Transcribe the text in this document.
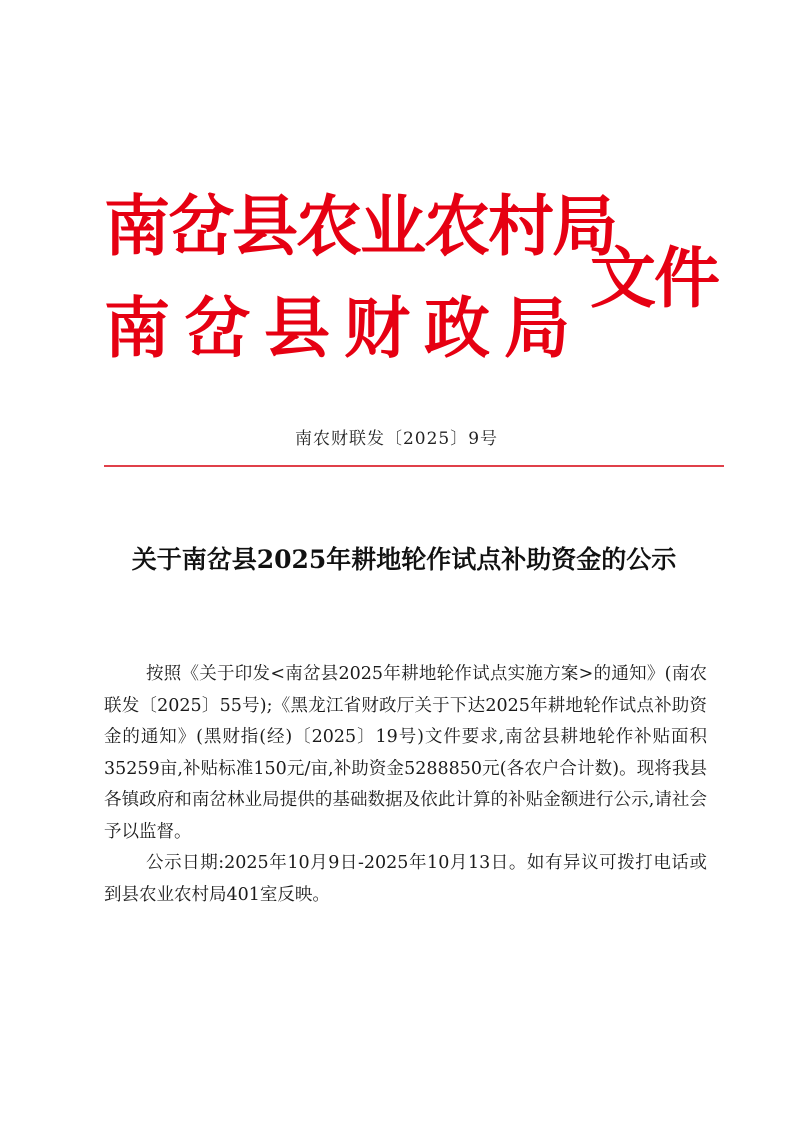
南岔县农业农村局
南岔县财政局
文件
南农财联发〔2025〕9号
关于南岔县2025年耕地轮作试点补助资金的公示

按照《关于印发<南岔县2025年耕地轮作试点实施方案>的通知》(南农联发〔2025〕55号);《黑龙江省财政厅关于下达2025年耕地轮作试点补助资金的通知》(黑财指(经)〔2025〕19号)文件要求,南岔县耕地轮作补贴面积35259亩,补贴标准150元/亩,补助资金5288850元(各农户合计数)。现将我县各镇政府和南岔林业局提供的基础数据及依此计算的补贴金额进行公示,请社会予以监督。

公示日期:2025年10月9日-2025年10月13日。如有异议可拨打电话或到县农业农村局401室反映。
